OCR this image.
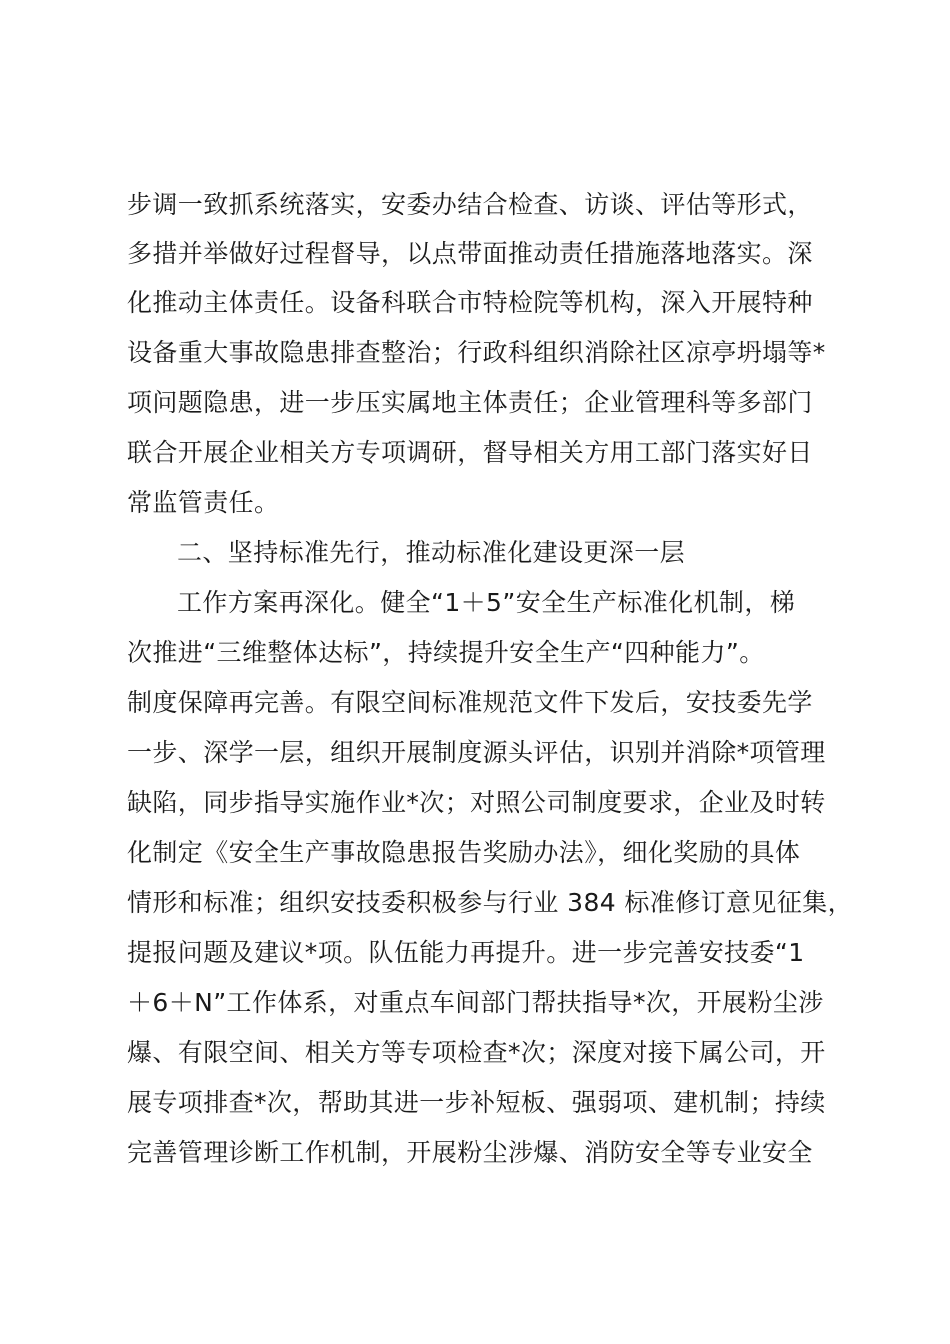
步调一致抓系统落实，安委办结合检查、访谈、评估等形式，
多措并举做好过程督导，以点带面推动责任措施落地落实。深
化推动主体责任。设备科联合市特检院等机构，深入开展特种
设备重大事故隐患排查整治；行政科组织消除社区凉亭坍塌等*
项问题隐患，进一步压实属地主体责任；企业管理科等多部门
联合开展企业相关方专项调研，督导相关方用工部门落实好日
常监管责任。
二、坚持标准先行，推动标准化建设更深一层
工作方案再深化。健全“1＋5”安全生产标准化机制，梯
次推进“三维整体达标”，持续提升安全生产“四种能力”。
制度保障再完善。有限空间标准规范文件下发后，安技委先学
一步、深学一层，组织开展制度源头评估，识别并消除*项管理
缺陷，同步指导实施作业*次；对照公司制度要求，企业及时转
化制定《安全生产事故隐患报告奖励办法》，细化奖励的具体
情形和标准；组织安技委积极参与行业 384 标准修订意见征集，
提报问题及建议*项。队伍能力再提升。进一步完善安技委“1
＋6＋N”工作体系，对重点车间部门帮扶指导*次，开展粉尘涉
爆、有限空间、相关方等专项检查*次；深度对接下属公司，开
展专项排查*次，帮助其进一步补短板、强弱项、建机制；持续
完善管理诊断工作机制，开展粉尘涉爆、消防安全等专业安全
